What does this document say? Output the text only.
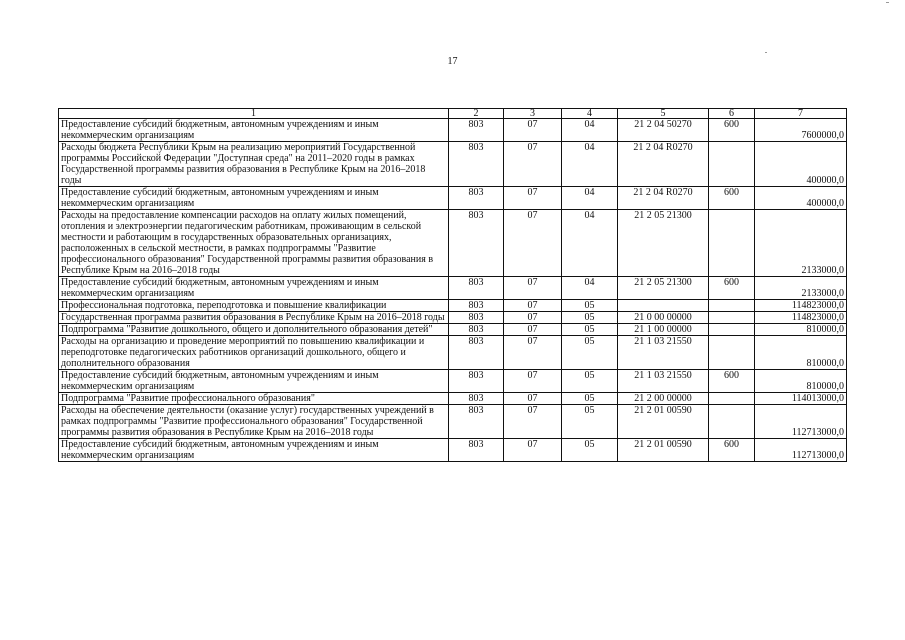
17
1	2	3	4	5	6	7
Предоставление субсидий бюджетным, автономным учреждениям и иным некоммерческим организациям	803	07	04	21 2 04 50270	600	7600000,0
Расходы бюджета Республики Крым на реализацию мероприятий Государственной программы Российской Федерации "Доступная среда" на 2011–2020 годы в рамках Государственной программы развития образования в Республике Крым на 2016–2018 годы	803	07	04	21 2 04 R0270		400000,0
Предоставление субсидий бюджетным, автономным учреждениям и иным некоммерческим организациям	803	07	04	21 2 04 R0270	600	400000,0
Расходы на предоставление компенсации расходов на оплату жилых помещений, отопления и электроэнергии педагогическим работникам, проживающим в сельской местности и работающим в государственных образовательных организациях, расположенных в сельской местности, в рамках подпрограммы "Развитие профессионального образования" Государственной программы развития образования в Республике Крым на 2016–2018 годы	803	07	04	21 2 05 21300		2133000,0
Предоставление субсидий бюджетным, автономным учреждениям и иным некоммерческим организациям	803	07	04	21 2 05 21300	600	2133000,0
Профессиональная подготовка, переподготовка и повышение квалификации	803	07	05			114823000,0
Государственная программа развития образования в Республике Крым на 2016–2018 годы	803	07	05	21 0 00 00000		114823000,0
Подпрограмма "Развитие дошкольного, общего и дополнительного образования детей"	803	07	05	21 1 00 00000		810000,0
Расходы на организацию и проведение мероприятий по повышению квалификации и переподготовке педагогических работников организаций дошкольного, общего и дополнительного образования	803	07	05	21 1 03 21550		810000,0
Предоставление субсидий бюджетным, автономным учреждениям и иным некоммерческим организациям	803	07	05	21 1 03 21550	600	810000,0
Подпрограмма "Развитие профессионального образования"	803	07	05	21 2 00 00000		114013000,0
Расходы на обеспечение деятельности (оказание услуг) государственных учреждений в рамках подпрограммы "Развитие профессионального образования" Государственной программы развития образования в Республике Крым на 2016–2018 годы	803	07	05	21 2 01 00590		112713000,0
Предоставление субсидий бюджетным, автономным учреждениям и иным некоммерческим организациям	803	07	05	21 2 01 00590	600	112713000,0
